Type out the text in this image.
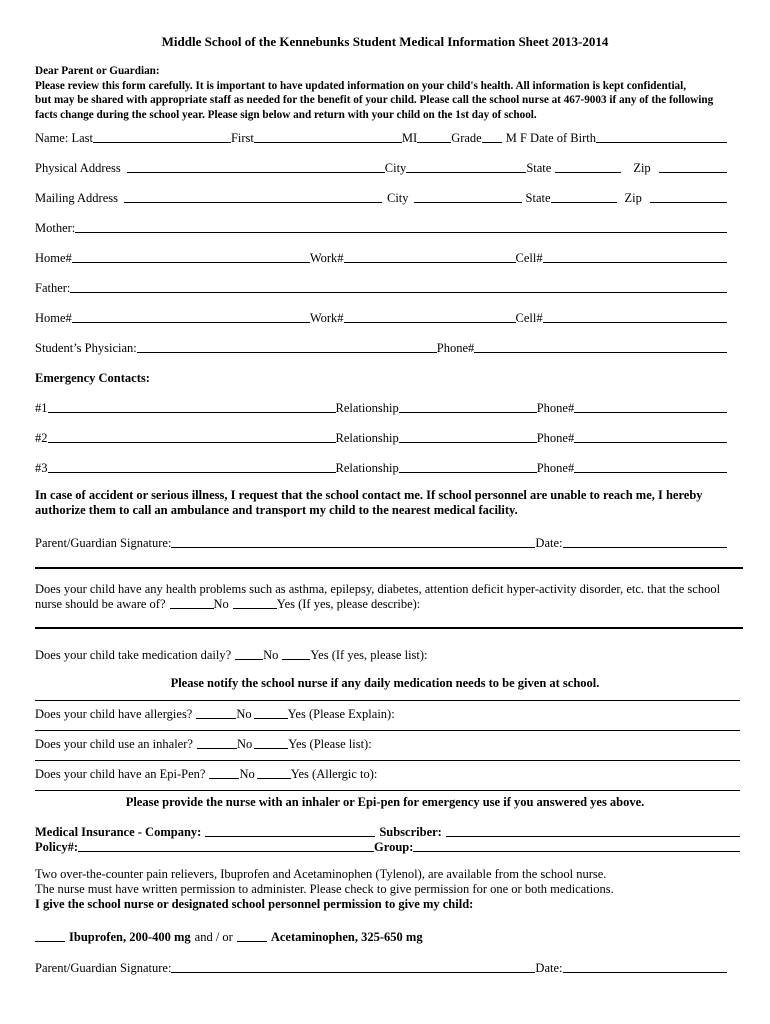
Middle School of the Kennebunks Student Medical Information Sheet 2013-2014
Dear Parent or Guardian:
Please review this form carefully. It is important to have updated information on your child's health. All information is kept confidential,
but may be shared with appropriate staff as needed for the benefit of your child. Please call the school nurse at 467-9003 if any of the following
facts change during the school year. Please sign below and return with your child on the 1st day of school.
Name: Last	First	MI	Grade M F Date of Birth
Physical Address	City	State	Zip
Mailing Address	City	State	Zip
Mother:
Home#	Work#	Cell#
Father:
Home#	Work#	Cell#
Student’s Physician:	Phone#
Emergency Contacts:
#1	Relationship	Phone#
#2	Relationship	Phone#
#3	Relationship	Phone#
In case of accident or serious illness, I request that the school contact me. If school personnel are unable to reach me, I hereby
authorize them to call an ambulance and transport my child to the nearest medical facility.
Parent/Guardian Signature:	Date:
Does your child have any health problems such as asthma, epilepsy, diabetes, attention deficit hyper-activity disorder, etc. that the school
nurse should be aware of?	No	Yes (If yes, please describe):
Does your child take medication daily?	No	Yes (If yes, please list):
Please notify the school nurse if any daily medication needs to be given at school.
Does your child have allergies?	No	Yes (Please Explain):
Does your child use an inhaler?	No	Yes (Please list):
Does your child have an Epi-Pen?	No	Yes (Allergic to):
Please provide the nurse with an inhaler or Epi-pen for emergency use if you answered yes above.
Medical Insurance - Company:	Subscriber:
Policy#:	Group:
Two over-the-counter pain relievers, Ibuprofen and Acetaminophen (Tylenol), are available from the school nurse.
The nurse must have written permission to administer. Please check to give permission for one or both medications.
I give the school nurse or designated school personnel permission to give my child:
Ibuprofen, 200-400 mg and / or	Acetaminophen, 325-650 mg
Parent/Guardian Signature:	Date:
